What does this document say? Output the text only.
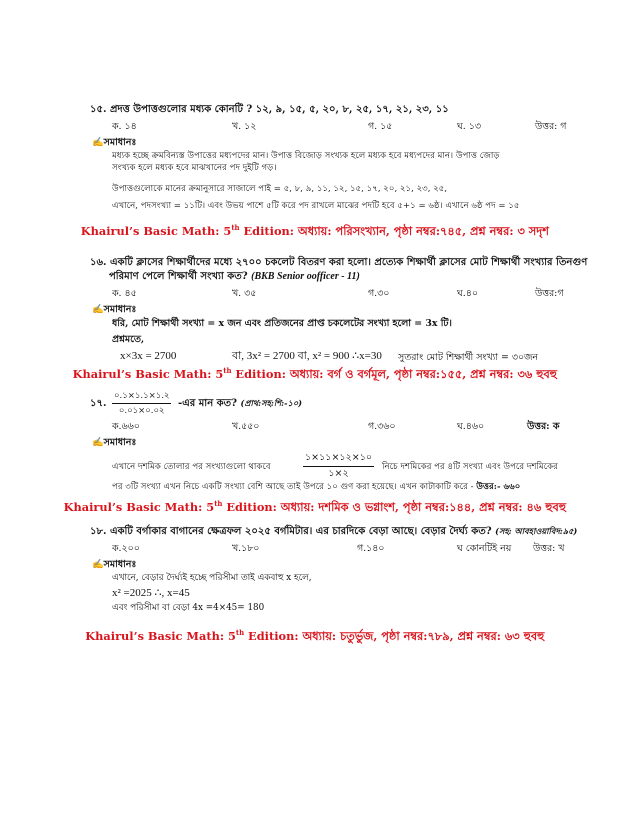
১৫. প্রদত্ত উপাত্তগুলোর মধ্যক কোনটি ? ১২, ৯, ১৫, ৫, ২০, ৮, ২৫, ১৭, ২১, ২৩, ১১
ক. ১৪	খ. ১২	গ. ১৫	ঘ. ১৩	উত্তর: গ
✍সমাধানঃ
মধ্যক হচ্ছে ক্রমবিন্যস্ত উপাত্তের মধ্যপদের মান। উপাত্ত বিজোড় সংখ্যক হলে মধ্যক হবে মধ্যপদের মান। উপাত্ত জোড়
সংখ্যক হলে মধ্যক হবে মাঝখানের পদ দুইটি গড়।
উপাত্তগুলোকে মানের ক্রমানুসারে সাজালে পাই = ৫, ৮, ৯, ১১, ১২, ১৫, ১৭, ২০, ২১, ২৩, ২৫,
এখানে, পদসংখ্যা = ১১টি। এবং উভয় পাশে ৫টি করে পদ রাখলে মাঝের পদটি হবে ৫+১ = ৬ষ্ঠ। এখানে ৬ষ্ঠ পদ = ১৫
Khairul’s Basic Math: 5th Edition: অধ্যায়: পরিসংখ্যান, পৃষ্ঠা নম্বর:৭৪৫, প্রশ্ন নম্বর: ৩ সদৃশ
১৬. একটি ক্লাসের শিক্ষার্থীদের মধ্যে ২৭০০ চকলেট বিতরণ করা হলো। প্রত্যেক শিক্ষার্থী ক্লাসের মোট শিক্ষার্থী সংখ্যার তিনগুণ
পরিমাণ পেলে শিক্ষার্থী সংখ্যা কত? (BKB Senior oofficer - 11)
ক. ৪৫	খ. ৩৫	গ.৩০	ঘ.৪০	উত্তর:গ
✍সমাধানঃ
ধরি, মোট শিক্ষার্থী সংখ্যা = x জন এবং প্রতিজনের প্রাপ্ত চকলেটের সংখ্যা হলো = 3x টি।
প্রশ্নমতে,
x×3x = 2700	বা, 3x² = 2700 বা, x² = 900 ∴x=30 সুতরাং মোট শিক্ষার্থী সংখ্যা = ৩০জন
Khairul’s Basic Math: 5th Edition: অধ্যায়: বর্গ ও বর্গমূল, পৃষ্ঠা নম্বর:১৫৫, প্রশ্ন নম্বর: ৩৬ হুবহু
১৭.
০.১×১.১×১.২
০.০১×০.০২
-এর মান কত? (প্রাথ:সহ:শি:-১০)
ক.৬৬০	খ.৫৫০	গ.৩৬০	ঘ.৪৬০	উত্তর: ক
✍সমাধানঃ
এখানে দশমিক তোলার পর সংখ্যাগুলো থাকবে
১×১১×১২×১০
১×২
নিচে দশমিকের পর ৪টি সংখ্যা এবং উপরে দশমিকের
পর ৩টি সংখ্যা এখন নিচে একটি সংখ্যা বেশি আছে তাই উপরে ১০ গুণ করা হয়েছে। এখন কাটাকাটি করে - উত্তর:- ৬৬০
Khairul’s Basic Math: 5th Edition: অধ্যায়: দশমিক ও ভগ্নাংশ, পৃষ্ঠা নম্বর:১৪৪, প্রশ্ন নম্বর: ৪৬ হুবহু
১৮. একটি বর্গাকার বাগানের ক্ষেত্রফল ২০২৫ বর্গমিটার। এর চারদিকে বেড়া আছে। বেড়ার দৈর্ঘ্য কত? (সহ: আবহাওয়াবিদ:৯৫)
ক.২০০	খ.১৮০	গ.১৪০	ঘ কোনটিই নয় উত্তর: খ
✍সমাধানঃ
এখানে, বেড়ার দৈর্ঘ্যই হচ্ছে পরিসীমা তাই একবাহু x হলে,
x² =2025 ∴, x=45
এবং পরিসীমা বা বেড়া 4x =4×45= 180
Khairul’s Basic Math: 5th Edition: অধ্যায়: চতুর্ভুজ, পৃষ্ঠা নম্বর:৭৮৯, প্রশ্ন নম্বর: ৬৩ হুবহু
